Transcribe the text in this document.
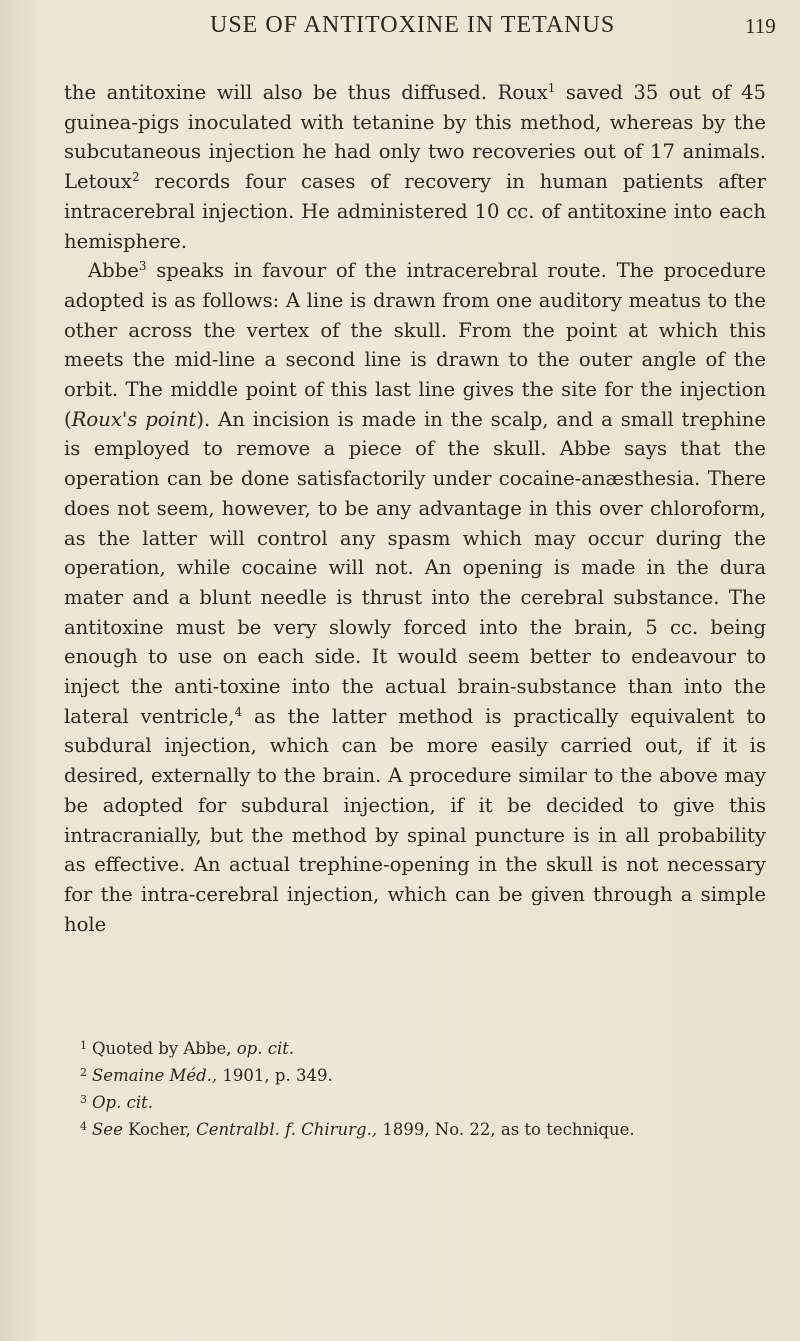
USE OF ANTITOXINE IN TETANUS	119

the antitoxine will also be thus diffused. Roux$^1$ saved 35 out of 45 guinea-pigs inoculated with tetanine by this method, whereas by the subcutaneous injection he had only two recoveries out of 17 animals. Letoux$^2$ records four cases of recovery in human patients after intracerebral injection. He administered 10 cc. of antitoxine into each hemisphere.

Abbe$^3$ speaks in favour of the intracerebral route. The procedure adopted is as follows: A line is drawn from one auditory meatus to the other across the vertex of the skull. From the point at which this meets the mid-line a second line is drawn to the outer angle of the orbit. The middle point of this last line gives the site for the injection (Roux's point). An incision is made in the scalp, and a small trephine is employed to remove a piece of the skull. Abbe says that the operation can be done satisfactorily under cocaine-anæsthesia. There does not seem, however, to be any advantage in this over chloroform, as the latter will control any spasm which may occur during the operation, while cocaine will not. An opening is made in the dura mater and a blunt needle is thrust into the cerebral substance. The antitoxine must be very slowly forced into the brain, 5 cc. being enough to use on each side. It would seem better to endeavour to inject the anti-toxine into the actual brain-substance than into the lateral ventricle,$^4$ as the latter method is practically equivalent to subdural injection, which can be more easily carried out, if it is desired, externally to the brain. A procedure similar to the above may be adopted for subdural injection, if it be decided to give this intracranially, but the method by spinal puncture is in all probability as effective. An actual trephine-opening in the skull is not necessary for the intra-cerebral injection, which can be given through a simple hole

$^1$ Quoted by Abbe, op. cit.
$^2$ Semaine Méd., 1901, p. 349.
$^3$ Op. cit.
$^4$ See Kocher, Centralbl. f. Chirurg., 1899, No. 22, as to technique.
